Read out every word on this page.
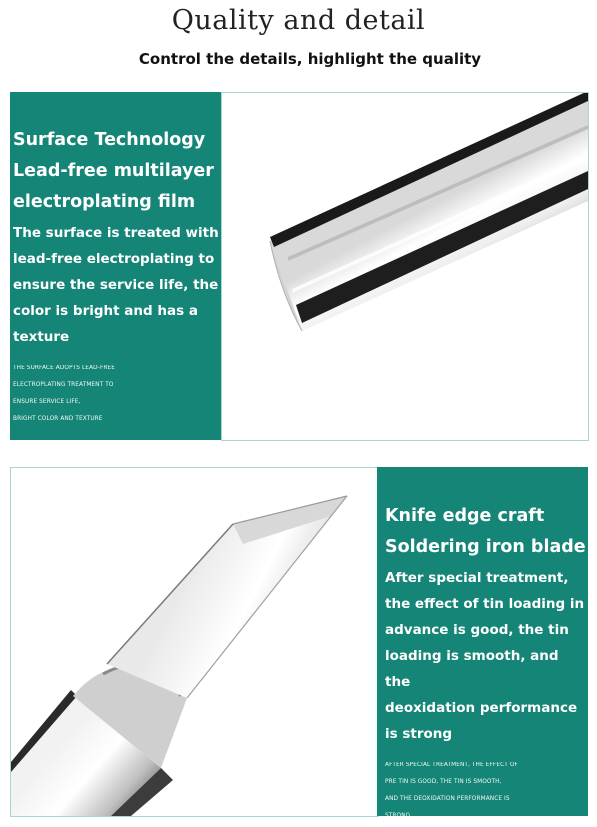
Quality and detail
Control the details, highlight the quality
Surface Technology
Lead-free multilayer
electroplating film
The surface is treated with
lead-free electroplating to
ensure the service life, the
color is bright and has a
texture
THE SURFACE ADOPTS LEAD-FREE
ELECTROPLATING TREATMENT TO
ENSURE SERVICE LIFE,
BRIGHT COLOR AND TEXTURE
Knife edge craft
Soldering iron blade
After special treatment,
the effect of tin loading in
advance is good, the tin
loading is smooth, and the
deoxidation performance
is strong
AFTER SPECIAL TREATMENT, THE EFFECT OF
PRE TIN IS GOOD, THE TIN IS SMOOTH,
AND THE DEOXIDATION PERFORMANCE IS
STRONG
